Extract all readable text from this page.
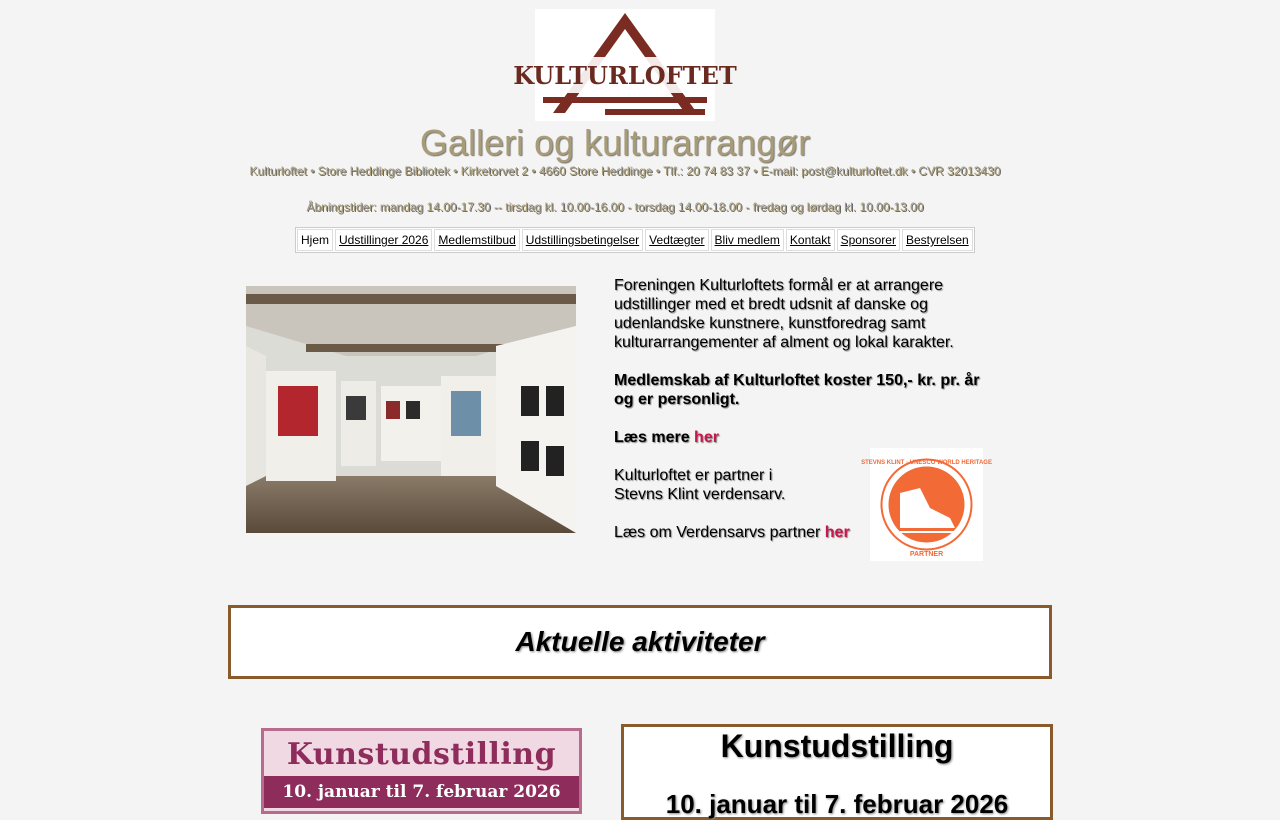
KULTURLOFTET
Galleri og kulturarrangør
Kulturloftet • Store Heddinge Bibliotek • Kirketorvet 2 • 4660 Store Heddinge • Tlf.: 20 74 83 37 • E-mail: post@kulturloftet.dk • CVR 32013430
Åbningstider: mandag 14.00-17.30 -- tirsdag kl. 10.00-16.00 - torsdag 14.00-18.00 - fredag og lørdag kl. 10.00-13.00
Hjem Udstillinger 2026 Medlemstilbud Udstillingsbetingelser Vedtægter Bliv medlem Kontakt Sponsorer Bestyrelsen

Foreningen Kulturloftets formål er at arrangere udstillinger med et bredt udsnit af danske og udenlandske kunstnere, kunstforedrag samt kulturarrangementer af alment og lokal karakter.

Medlemskab af Kulturloftet koster 150,- kr. pr. år og er personligt.

Læs mere her

Kulturloftet er partner i
Stevns Klint verdensarv.

Læs om Verdensarvs partner her

STEVNS KLINT · UNESCO WORLD HERITAGE
PARTNER
Aktuelle aktiviteter
Kunstudstilling
10. januar til 7. februar 2026
Kunstudstilling
10. januar til 7. februar 2026
